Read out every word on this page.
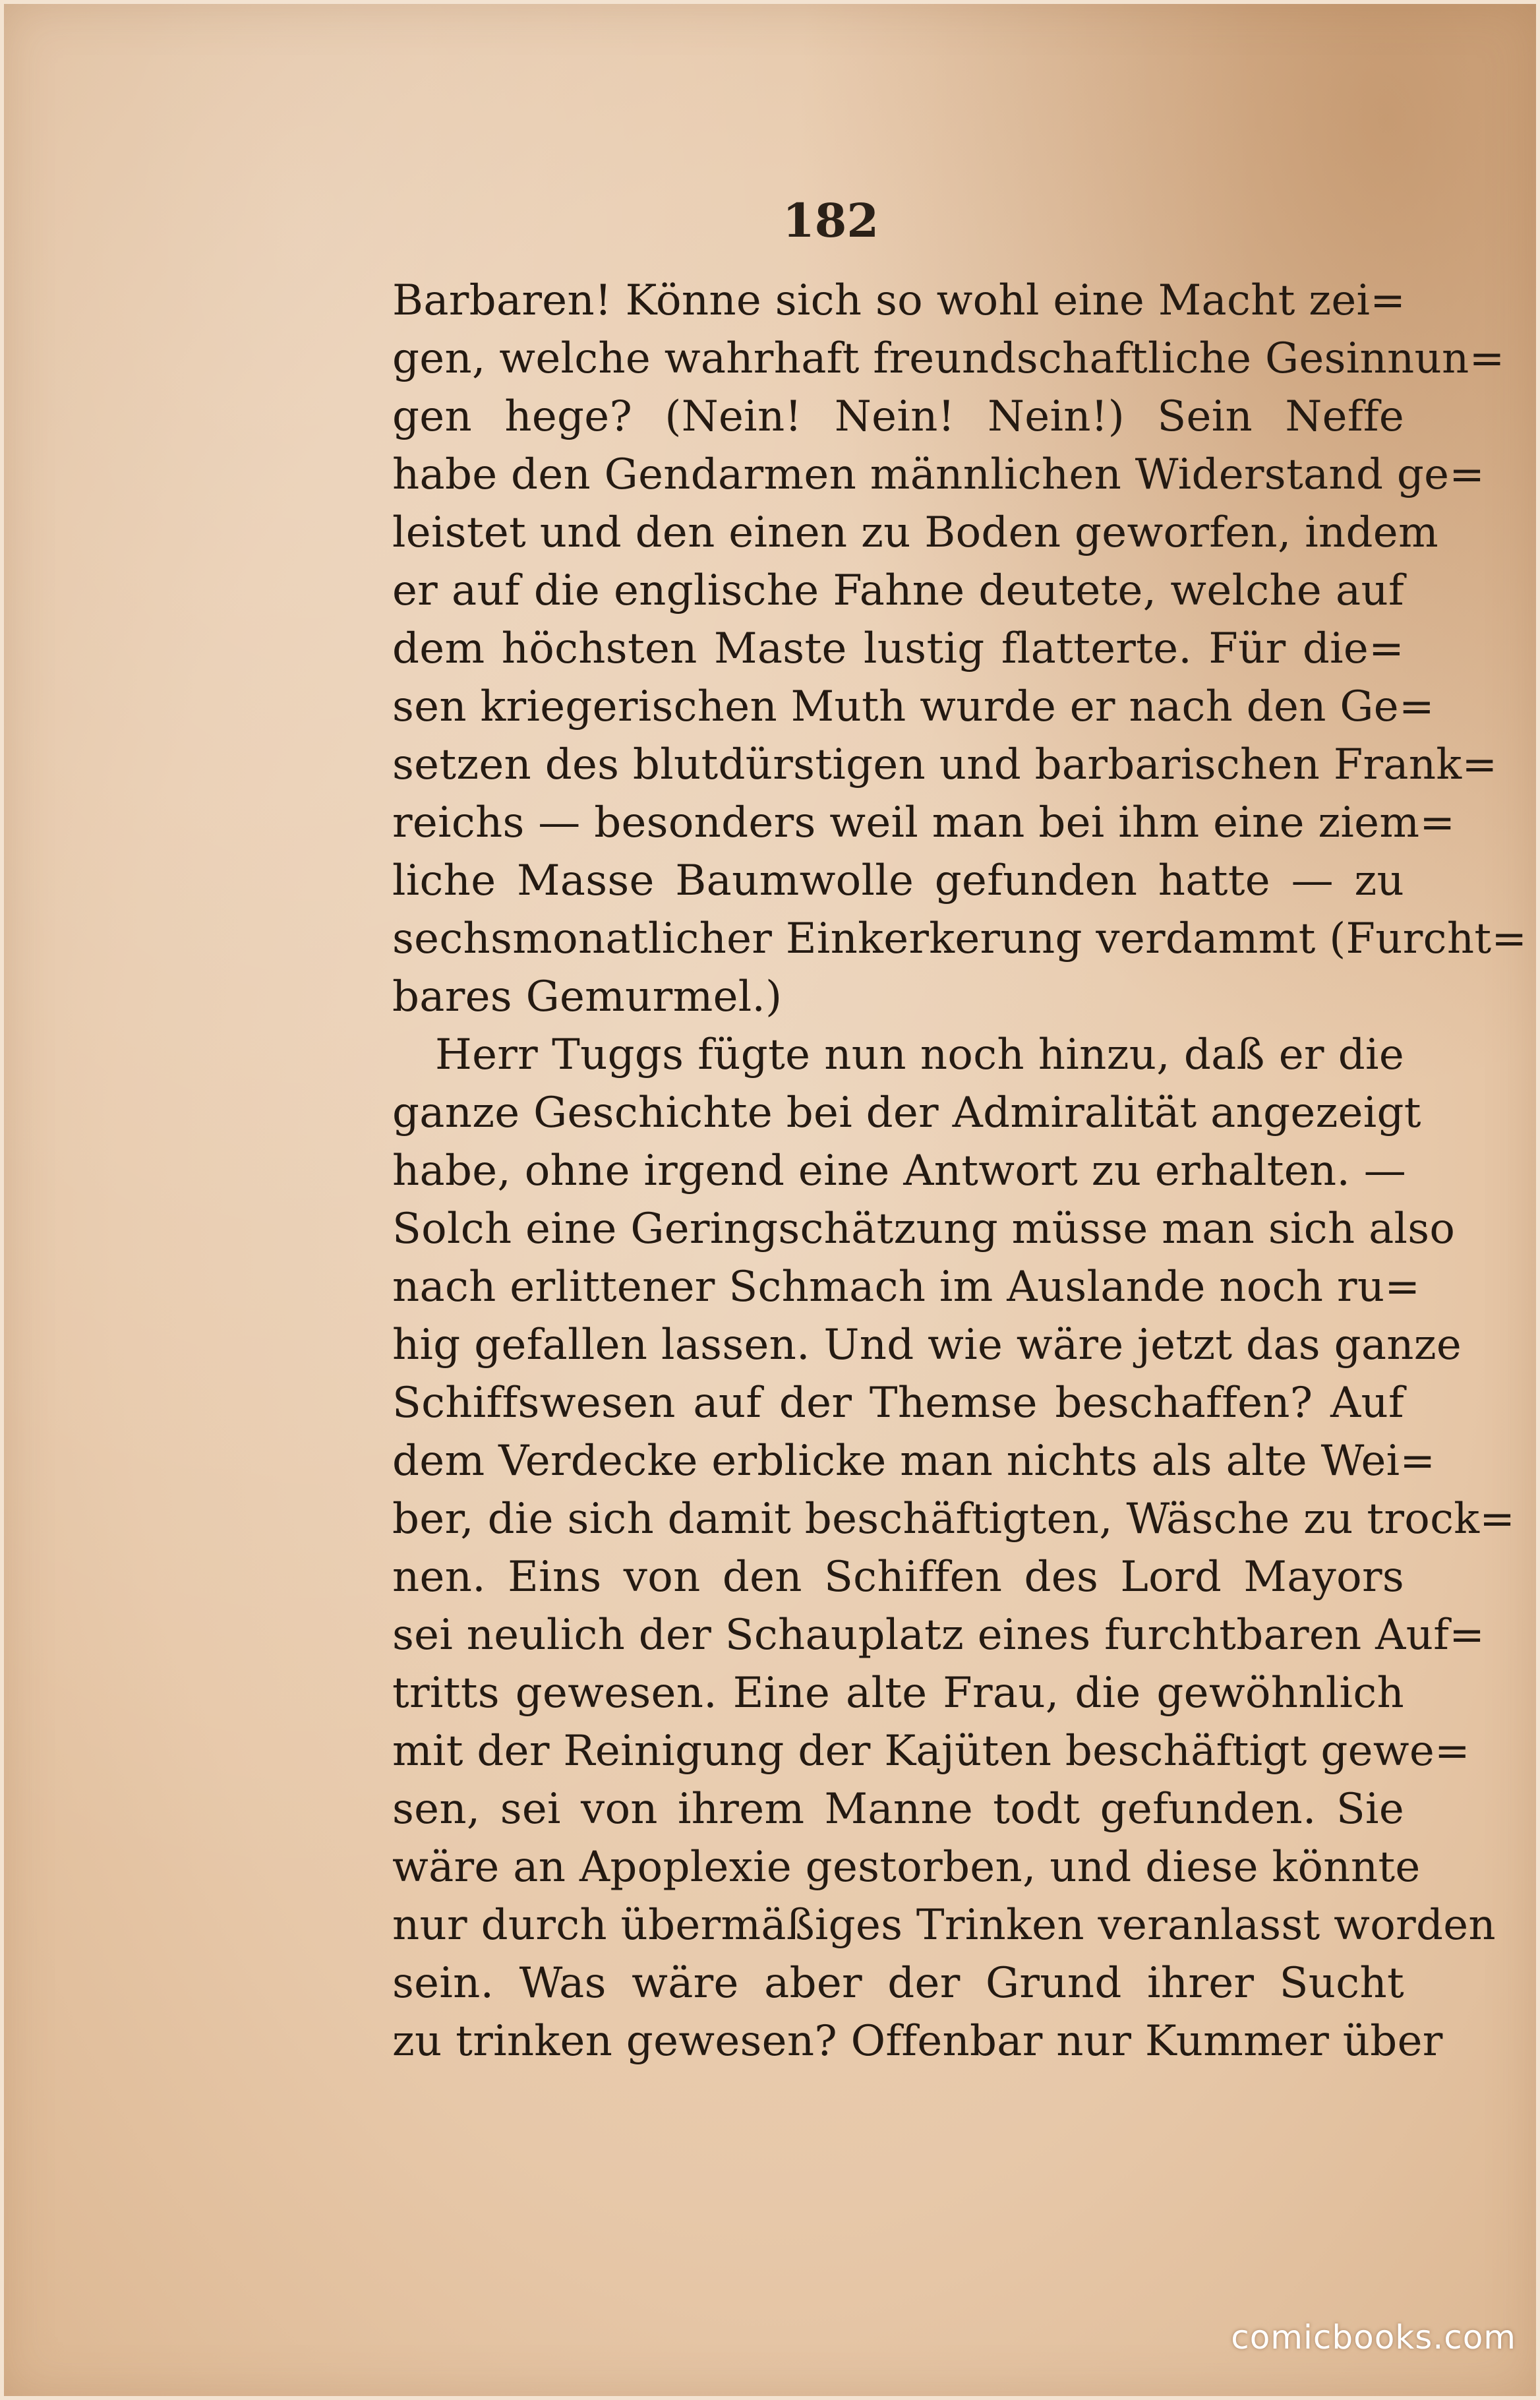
182
Barbaren! Könne sich so wohl eine Macht zei=
gen, welche wahrhaft freundschaftliche Gesinnun=
gen hege? (Nein! Nein! Nein!) Sein Neffe
habe den Gendarmen männlichen Widerstand ge=
leistet und den einen zu Boden geworfen, indem
er auf die englische Fahne deutete, welche auf
dem höchsten Maste lustig flatterte. Für die=
sen kriegerischen Muth wurde er nach den Ge=
setzen des blutdürstigen und barbarischen Frank=
reichs — besonders weil man bei ihm eine ziem=
liche Masse Baumwolle gefunden hatte — zu
sechsmonatlicher Einkerkerung verdammt (Furcht=
bares Gemurmel.)
Herr Tuggs fügte nun noch hinzu, daß er die
ganze Geschichte bei der Admiralität angezeigt
habe, ohne irgend eine Antwort zu erhalten. —
Solch eine Geringschätzung müsse man sich also
nach erlittener Schmach im Auslande noch ru=
hig gefallen lassen. Und wie wäre jetzt das ganze
Schiffswesen auf der Themse beschaffen? Auf
dem Verdecke erblicke man nichts als alte Wei=
ber, die sich damit beschäftigten, Wäsche zu trock=
nen. Eins von den Schiffen des Lord Mayors
sei neulich der Schauplatz eines furchtbaren Auf=
tritts gewesen. Eine alte Frau, die gewöhnlich
mit der Reinigung der Kajüten beschäftigt gewe=
sen, sei von ihrem Manne todt gefunden. Sie
wäre an Apoplexie gestorben, und diese könnte
nur durch übermäßiges Trinken veranlasst worden
sein. Was wäre aber der Grund ihrer Sucht
zu trinken gewesen? Offenbar nur Kummer über
comicbooks.com
